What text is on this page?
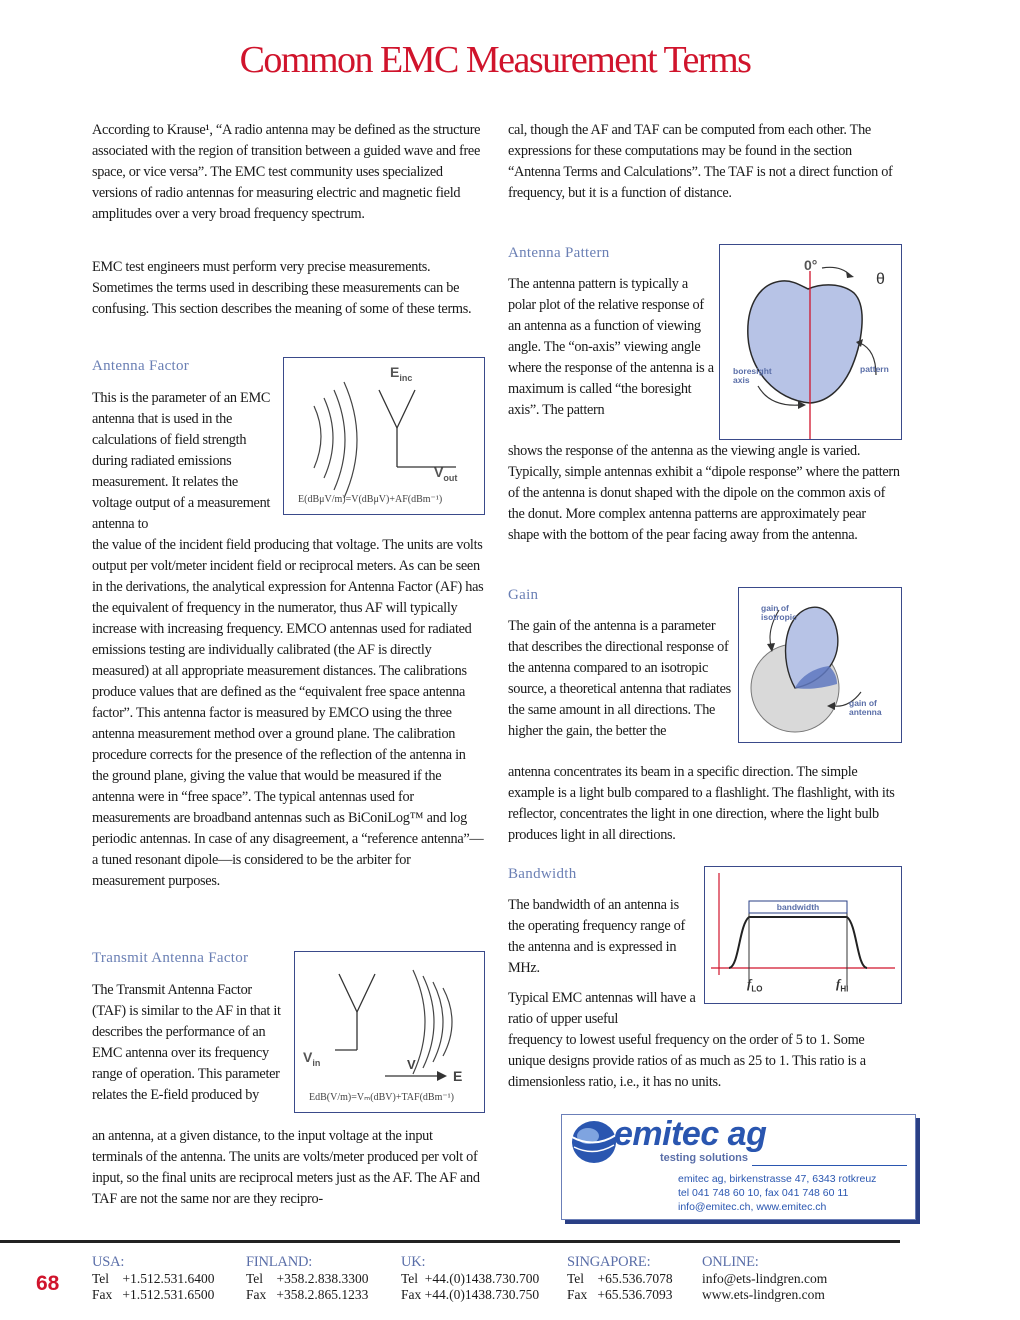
Common EMC Measurement Terms
According to Krause¹, “A radio antenna may be defined as the structure associated with the region of transition between a guided wave and free space, or vice versa”. The EMC test community uses specialized versions of radio antennas for measuring electric and magnetic field amplitudes over a very broad frequency spectrum.
EMC test engineers must perform very precise measurements. Sometimes the terms used in describing these measurements can be confusing. This section describes the meaning of some of these terms.
Antenna Factor
This is the parameter of an EMC antenna that is used in the calculations of field strength during radiated emissions measurement. It relates the voltage output of a measurement antenna to
the value of the incident field producing that voltage. The units are volts output per volt/meter incident field or reciprocal meters. As can be seen in the derivations, the analytical expression for Antenna Factor (AF) has the equivalent of frequency in the numerator, thus AF will typically increase with increasing frequency. EMCO antennas used for radiated emissions testing are individually calibrated (the AF is directly measured) at all appropriate measurement distances. The calibrations produce values that are defined as the “equivalent free space antenna factor”. This antenna factor is measured by EMCO using the three antenna measurement method over a ground plane. The calibration procedure corrects for the presence of the reflection of the antenna in the ground plane, giving the value that would be measured if the antenna were in “free space”. The typical antennas used for measurements are broadband antennas such as BiConiLog™ and log periodic antennas. In case of any disagreement, a “reference antenna”— a tuned resonant dipole—is considered to be the arbiter for measurement purposes.
$E_{inc}$
$V_{out}$
E(dBμV/m)=V(dBμV)+AF(dBm⁻¹)
Transmit Antenna Factor
The Transmit Antenna Factor (TAF) is similar to the AF in that it describes the performance of an EMC antenna over its frequency range of operation. This parameter relates the E-field produced by
an antenna, at a given distance, to the input voltage at the input terminals of the antenna. The units are volts/meter produced per volt of input, so the final units are reciprocal meters just as the AF. The AF and TAF are not the same nor are they recipro-
$V_{in}$	V
E
EdB(V/m)=Vₘ(dBV)+TAF(dBm⁻¹)
cal, though the AF and TAF can be computed from each other. The expressions for these computations may be found in the section “Antenna Terms and Calculations”. The TAF is not a direct function of frequency, but it is a function of distance.
Antenna Pattern
The antenna pattern is typically a polar plot of the relative response of an antenna as a function of viewing angle. The “on-axis” viewing angle where the response of the antenna is a maximum is called “the boresight axis”. The pattern
shows the response of the antenna as the viewing angle is varied. Typically, simple antennas exhibit a “dipole response” where the pattern of the antenna is donut shaped with the dipole on the common axis of the donut. More complex antenna patterns are approximately pear shape with the bottom of the pear facing away from the antenna.
0°
θ
boresight
axis
pattern
Gain
The gain of the antenna is a parameter that describes the directional response of the antenna compared to an isotropic source, a theoretical antenna that radiates the same amount in all directions. The higher the gain, the better the
antenna concentrates its beam in a specific direction. The simple example is a light bulb compared to a flashlight. The flashlight, with its reflector, concentrates the light in one direction, where the light bulb produces light in all directions.
gain of
isotropic
gain of
antenna
Bandwidth
The bandwidth of an antenna is the operating frequency range of the antenna and is expressed in MHz.
Typical EMC antennas will have a ratio of upper useful
frequency to lowest useful frequency on the order of 5 to 1. Some unique designs provide ratios of as much as 25 to 1. This ratio is a dimensionless ratio, i.e., it has no units.
bandwidth
$f_{LO}$	$f_{HI}$
emitec ag
testing solutions
emitec ag, birkenstrasse 47, 6343 rotkreuz
tel 041 748 60 10, fax 041 748 60 11
info@emitec.ch, www.emitec.ch
68
USA:
Tel    +1.512.531.6400
Fax   +1.512.531.6500
FINLAND:
Tel    +358.2.838.3300
Fax   +358.2.865.1233
UK:
Tel  +44.(0)1438.730.700
Fax +44.(0)1438.730.750
SINGAPORE:
Tel    +65.536.7078
Fax   +65.536.7093
ONLINE:
info@ets-lindgren.com
www.ets-lindgren.com
